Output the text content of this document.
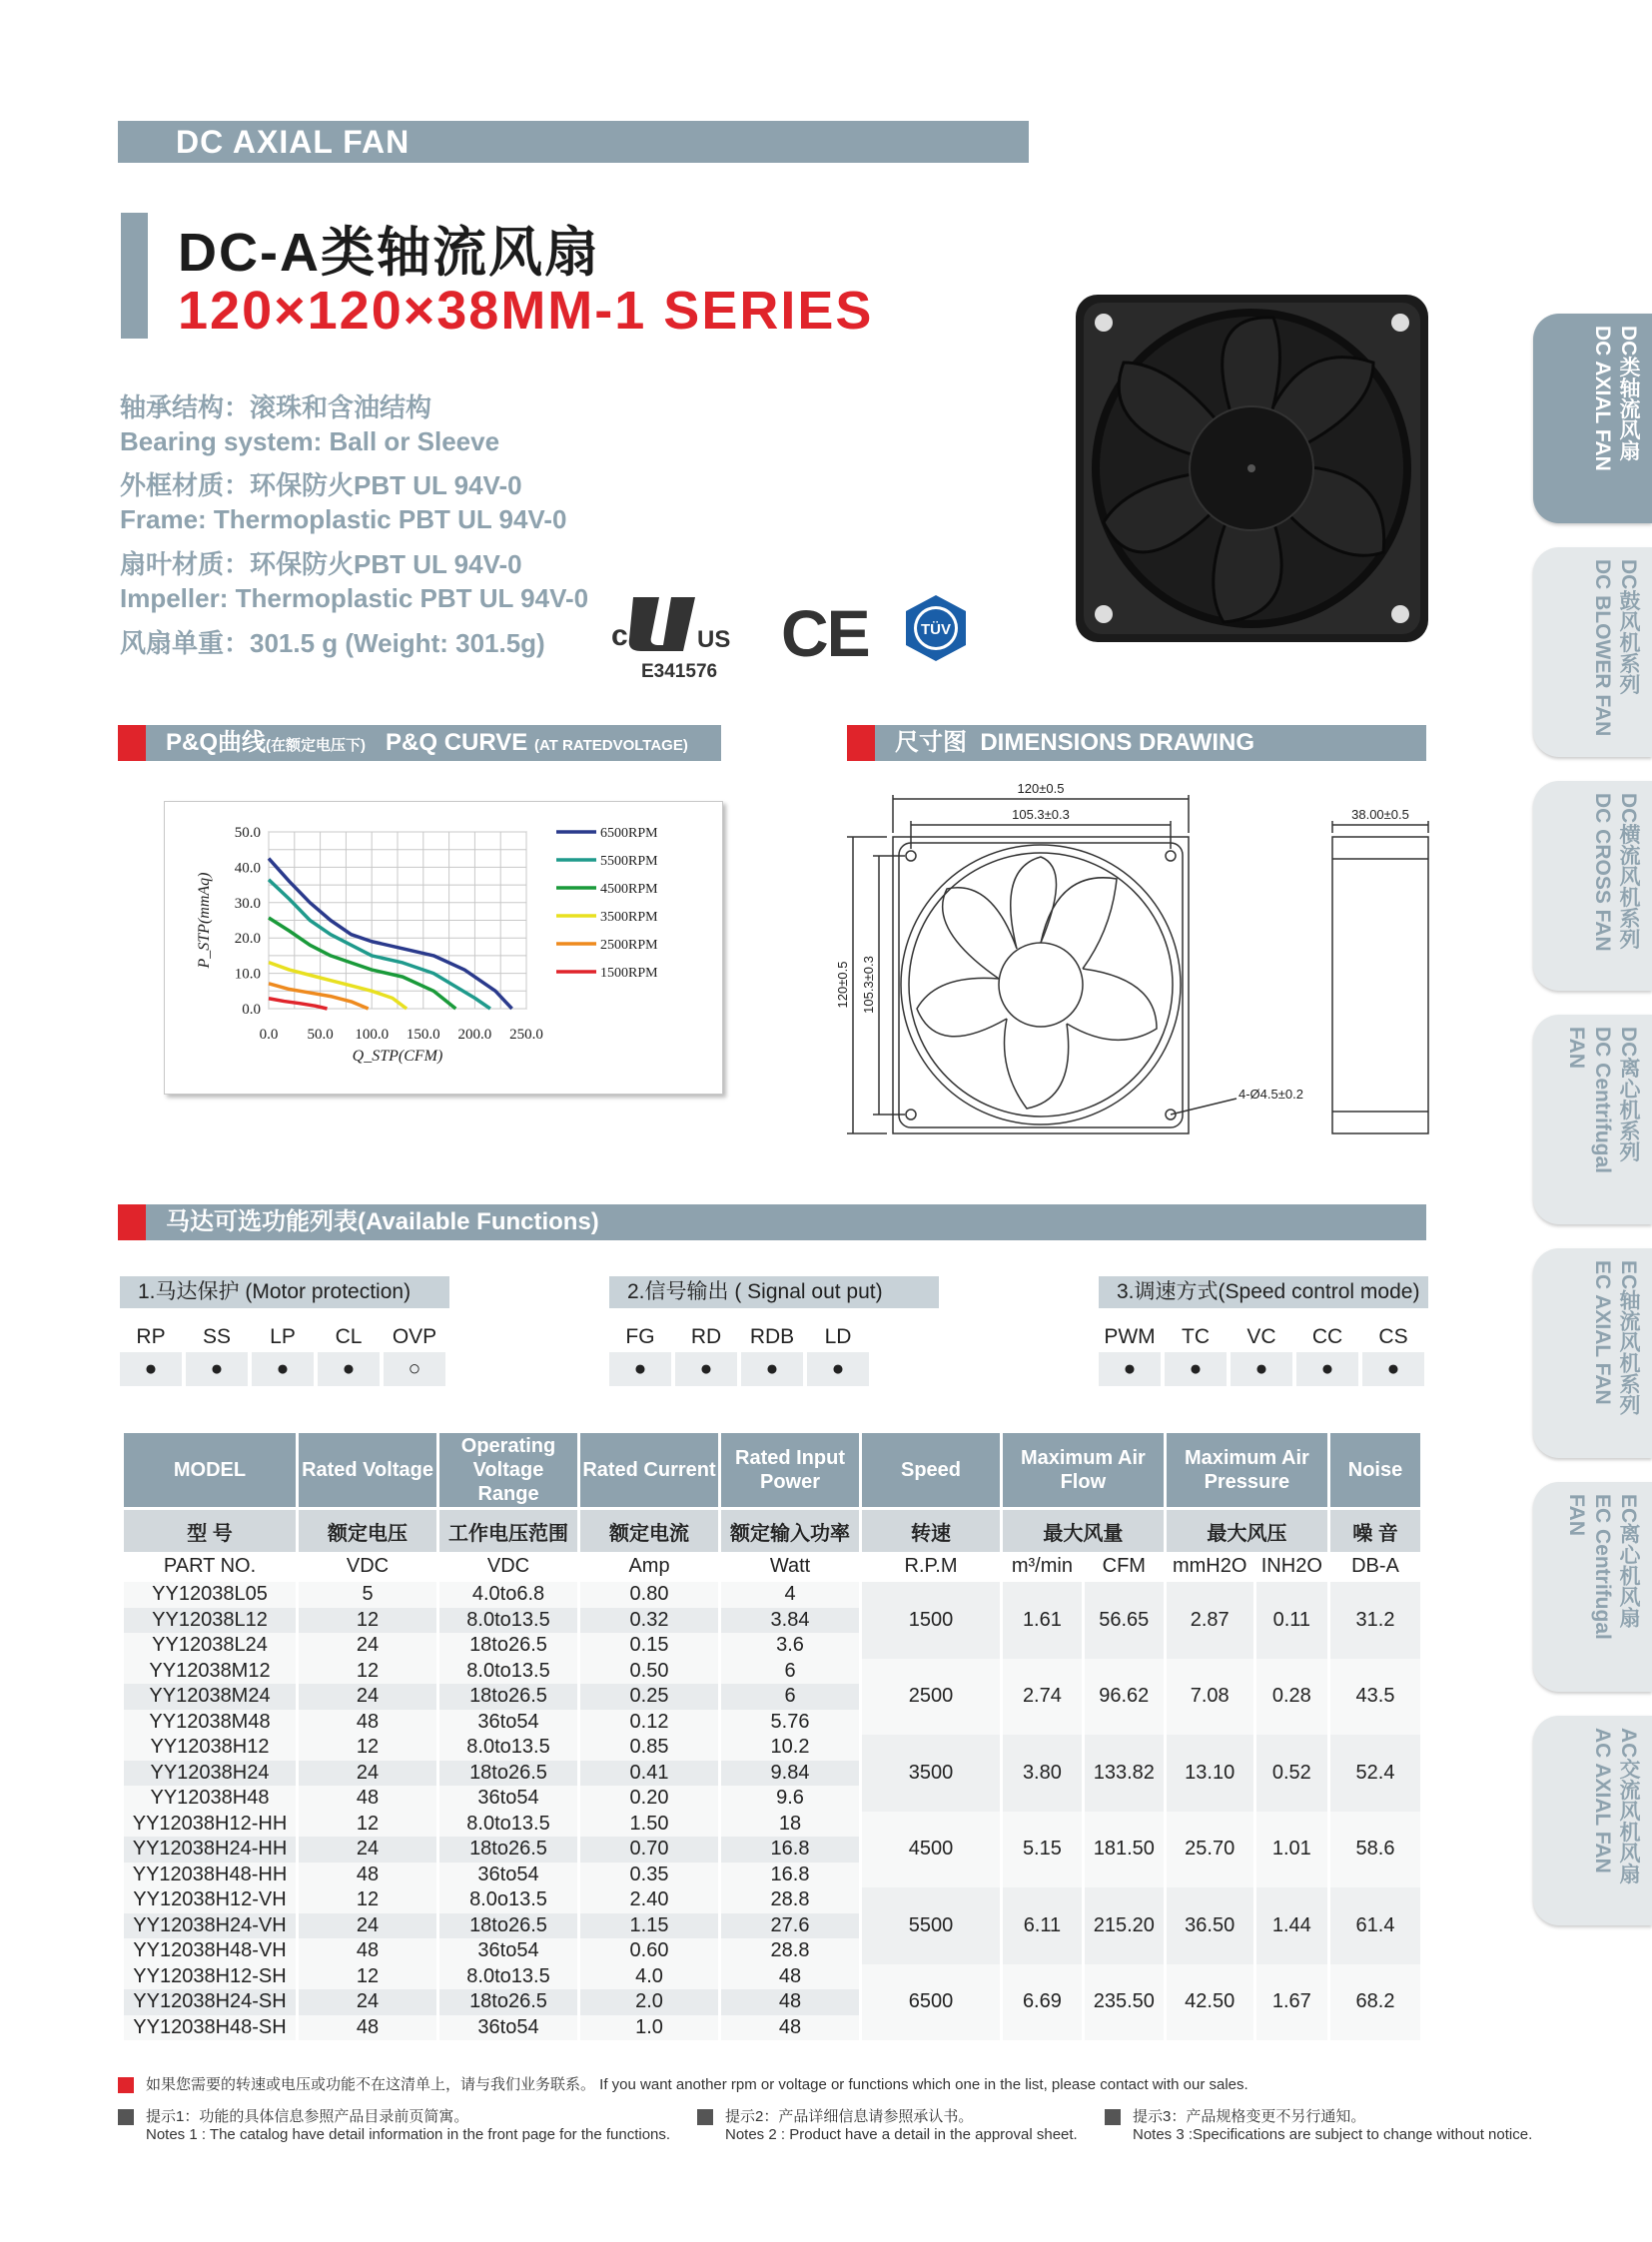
DC AXIAL FAN
DC-A类轴流风扇
120×120×38MM-1 SERIES
轴承结构：滚珠和含油结构
Bearing system: Ball or Sleeve
外框材质：环保防火PBT UL 94V-0
Frame: Thermoplastic PBT UL 94V-0
扇叶材质：环保防火PBT UL 94V-0
Impeller: Thermoplastic PBT UL 94V-0
风扇单重：301.5 g (Weight: 301.5g) c	US
E341576
CE	TÜV
P&Q曲线(在额定电压下) P&Q CURVE (AT RATEDVOLTAGE)	尺寸图 DIMENSIONS DRAWING
0.0
10.0
20.0
30.0
40.0
50.0
0.0 50.0 100.0 150.0 200.0 250.0
Q_STP(CFM)
P_STP(mmAq)
6500RPM
5500RPM
4500RPM
3500RPM
2500RPM
1500RPM
120±0.5
105.3±0.3
120±0.5 105.3±0.3
4-Ø4.5±0.2
38.00±0.5
马达可选功能列表(Available Functions)
1.马达保护 (Motor protection)	2.信号输出 ( Signal out put)	3.调速方式(Speed control mode)
RP
●
SS
●
LP
●
CL
●
OVP
○
FG
●
RD
●
RDB
●
LD
●
PWM
●
TC
●
VC
●
CC
●
CS
●
MODEL	Rated Voltage	Operating Voltage Range	Rated Current	Rated Input Power	Speed	Maximum Air Flow		Maximum Air Pressure		Noise
型 号	额定电压	工作电压范围	额定电流	额定输入功率	转速	最大风量		最大风压		噪 音
PART NO.	VDC	VDC	Amp	Watt	R.P.M	m³/min	CFM	mmH2O	INH2O	DB-A
YY12038L05	5	4.0to6.8	0.80	4	1500	1.61	56.65	2.87	0.11	31.2
YY12038L12	12	8.0to13.5	0.32	3.84						
YY12038L24	24	18to26.5	0.15	3.6						
YY12038M12	12	8.0to13.5	0.50	6	2500	2.74	96.62	7.08	0.28	43.5
YY12038M24	24	18to26.5	0.25	6						
YY12038M48	48	36to54	0.12	5.76						
YY12038H12	12	8.0to13.5	0.85	10.2	3500	3.80	133.82	13.10	0.52	52.4
YY12038H24	24	18to26.5	0.41	9.84						
YY12038H48	48	36to54	0.20	9.6						
YY12038H12-HH	12	8.0to13.5	1.50	18	4500	5.15	181.50	25.70	1.01	58.6
YY12038H24-HH	24	18to26.5	0.70	16.8						
YY12038H48-HH	48	36to54	0.35	16.8						
YY12038H12-VH	12	8.0o13.5	2.40	28.8	5500	6.11	215.20	36.50	1.44	61.4
YY12038H24-VH	24	18to26.5	1.15	27.6						
YY12038H48-VH	48	36to54	0.60	28.8						
YY12038H12-SH	12	8.0to13.5	4.0	48	6500	6.69	235.50	42.50	1.67	68.2
YY12038H24-SH	24	18to26.5	2.0	48						
YY12038H48-SH	48	36to54	1.0	48						
如果您需要的转速或电压或功能不在这清单上，请与我们业务联系。 If you want another rpm or voltage or functions which one in the list, please contact with our sales.
提示1：功能的具体信息参照产品目录前页简寓。
Notes 1 : The catalog have detail information in the front page for the functions.
提示2：产品详细信息请参照承认书。
Notes 2 : Product have a detail in the approval sheet.
提示3：产品规格变更不另行通知。
Notes 3 :Specifications are subject to change without notice.
DC类轴流风扇
DC AXIAL FAN
DC鼓风机系列
DC BLOWER FAN
DC横流风机系列
DC CROSS FAN
DC离心机系列
DC Centrifugal FAN
EC轴流风机系列
EC AXIAL FAN
EC离心机风扇
EC Centrifugal FAN
AC交流风机风扇
AC AXIAL FAN
